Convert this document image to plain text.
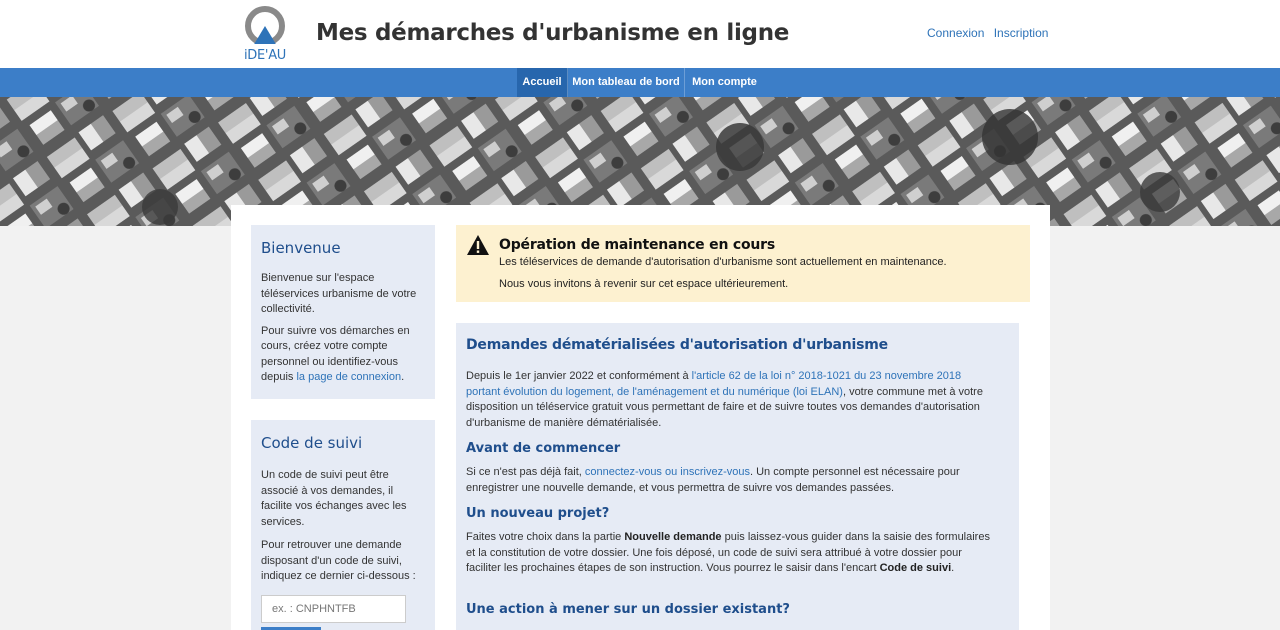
iDE'AU
Mes démarches d'urbanisme en ligne	Connexion Inscription
Accueil Mon tableau de bord	Mon compte
Bienvenue

Bienvenue sur l'espace téléservices urbanisme de votre collectivité.

Pour suivre vos démarches en cours, créez votre compte personnel ou identifiez-vous depuis la page de connexion.

Code de suivi

Un code de suivi peut être associé à vos demandes, il facilite vos échanges avec les services.

Pour retrouver une demande disposant d'un code de suivi, indiquez ce dernier ci-dessous :

ex. : CNPHNTFB
Opération de maintenance en cours
Les téléservices de demande d'autorisation d'urbanisme sont actuellement en maintenance.
Nous vous invitons à revenir sur cet espace ultérieurement.
Demandes dématérialisées d'autorisation d'urbanisme

Depuis le 1er janvier 2022 et conformément à l'article 62 de la loi n° 2018-1021 du 23 novembre 2018 portant évolution du logement, de l'aménagement et du numérique (loi ELAN), votre commune met à votre disposition un téléservice gratuit vous permettant de faire et de suivre toutes vos demandes d'autorisation d'urbanisme de manière dématérialisée.

Avant de commencer

Si ce n'est pas déjà fait, connectez-vous ou inscrivez-vous. Un compte personnel est nécessaire pour enregistrer une nouvelle demande, et vous permettra de suivre vos demandes passées.

Un nouveau projet?

Faites votre choix dans la partie Nouvelle demande puis laissez-vous guider dans la saisie des formulaires et la constitution de votre dossier. Une fois déposé, un code de suivi sera attribué à votre dossier pour faciliter les prochaines étapes de son instruction. Vous pourrez le saisir dans l'encart Code de suivi.

Une action à mener sur un dossier existant?
